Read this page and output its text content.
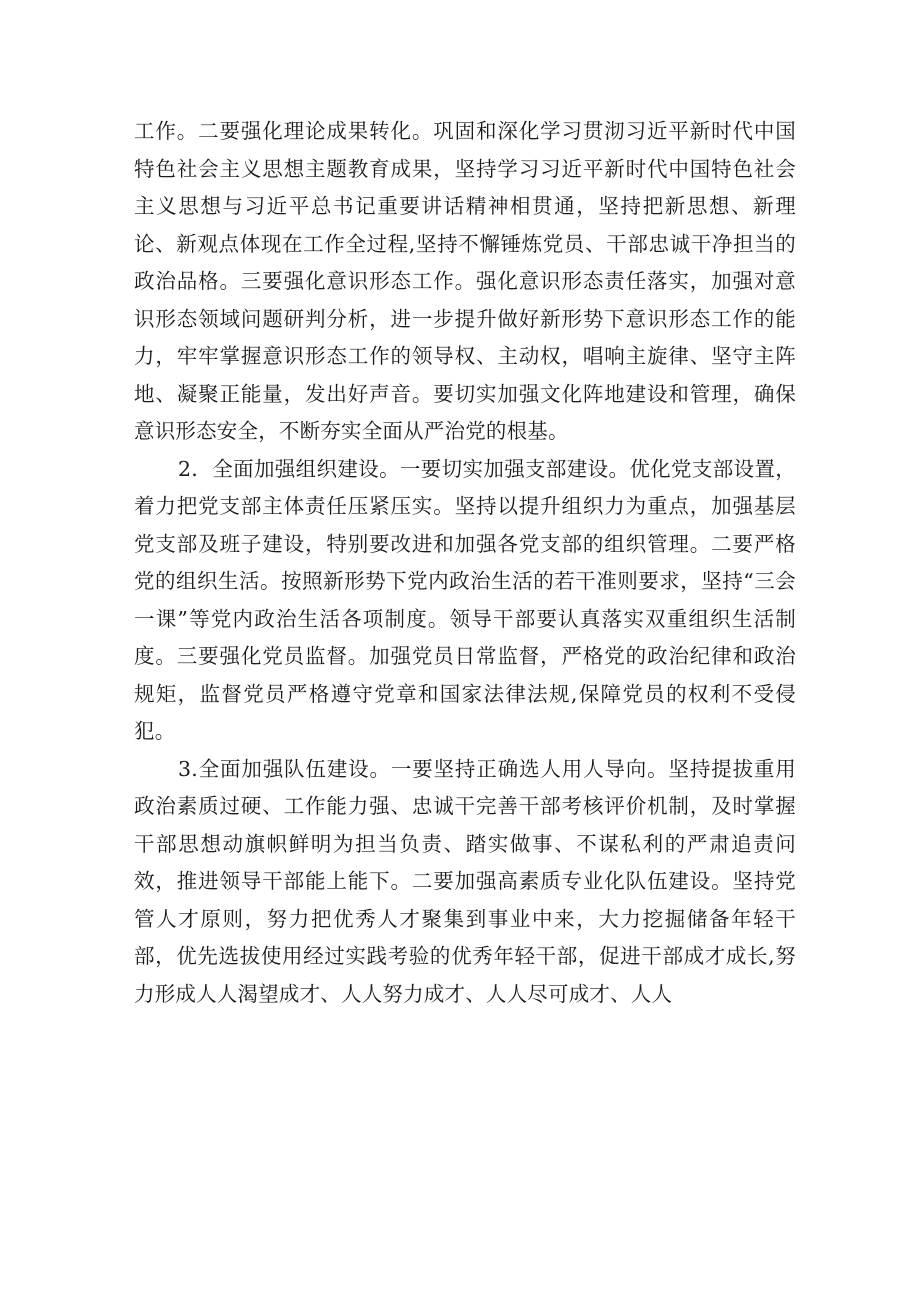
工作。二要强化理论成果转化。巩固和深化学习贯沏习近平新时代中国特色社会主义思想主题教育成果，坚持学习习近平新时代中国特色社会主义思想与习近平总书记重要讲话精神相贯通，坚持把新思想、新理论、新观点体现在工作全过程,坚持不懈锤炼党员、干部忠诚干净担当的政治品格。三要强化意识形态工作。强化意识形态责任落实，加强对意识形态领域问题研判分析，进一步提升做好新形势下意识形态工作的能力，牢牢掌握意识形态工作的领导权、主动权，唱响主旋律、坚守主阵地、凝聚正能量，发出好声音。要切实加强文化阵地建设和管理，确保意识形态安全，不断夯实全面从严治党的根基。

2．全面加强组织建设。一要切实加强支部建设。优化党支部设置，着力把党支部主体责任压紧压实。坚持以提升组织力为重点，加强基层党支部及班子建设，特别要改进和加强各党支部的组织管理。二要严格党的组织生活。按照新形势下党内政治生活的若干准则要求，坚持“三会一课”等党内政治生活各项制度。领导干部要认真落实双重组织生活制度。三要强化党员监督。加强党员日常监督，严格党的政治纪律和政治规矩，监督党员严格遵守党章和国家法律法规,保障党员的权利不受侵犯。

3.全面加强队伍建设。一要坚持正确选人用人导向。坚持提拔重用政治素质过硬、工作能力强、忠诚干完善干部考核评价机制，及时掌握干部思想动旗帜鲜明为担当负责、踏实做事、不谋私利的严肃追责问效，推进领导干部能上能下。二要加强高素质专业化队伍建设。坚持党管人才原则，努力把优秀人才聚集到事业中来，大力挖掘储备年轻干部，优先选拔使用经过实践考验的优秀年轻干部，促进干部成才成长,努力形成人人渴望成才、人人努力成才、人人尽可成才、人人
